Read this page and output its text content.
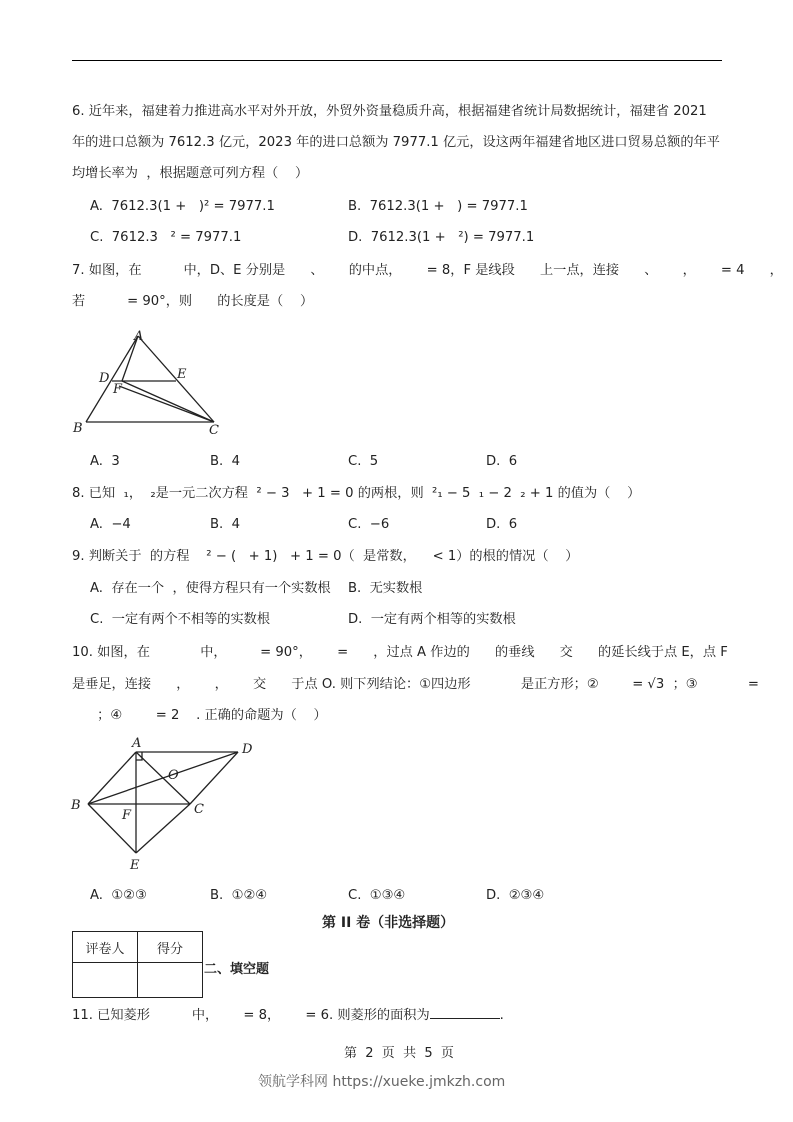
6. 近年来，福建着力推进高水平对外开放，外贸外资量稳质升高，根据福建省统计局数据统计，福建省 2021
年的进口总额为 7612.3 亿元，2023 年的进口总额为 7977.1 亿元，设这两年福建省地区进口贸易总额的年平
均增长率为  ，根据题意可列方程（    ）
A.  7612.3(1 +   )² = 7977.1	B.  7612.3(1 +   ) = 7977.1
C.  7612.3   ² = 7977.1	D.  7612.3(1 +   ²) = 7977.1
7. 如图，在          中，D、E 分别是      、      的中点，      = 8，F 是线段      上一点，连接      、      ，      = 4      ，
若          = 90°，则      的长度是（    ）
A
D	E
F
B	C
A.  3	B.  4	C.  5	D.  6
8. 已知  ₁，  ₂是一元二次方程  ² − 3   + 1 = 0 的两根，则  ²₁ − 5  ₁ − 2  ₂ + 1 的值为（    ）
A.  −4	B.  4	C.  −6	D.  6
9. 判断关于  的方程    ² − (   + 1)   + 1 = 0（  是常数，    < 1）的根的情况（    ）
A.  存在一个  ，使得方程只有一个实数根 B.  无实数根
C.  一定有两个不相等的实数根	D.  一定有两个相等的实数根
10. 如图，在            中，        = 90°，      =      ，过点 A 作边的      的垂线      交      的延长线于点 E，点 F
是垂足，连接      ，      ，      交      于点 O. 则下列结论：①四边形            是正方形；②        = √3  ；③            =
；④        = 2    . 正确的命题为（    ）
A	D
O
B	C
F
E
A.  ①②③	B.  ①②④	C.  ①③④	D.  ②③④
第 II 卷（非选择题）
评卷人	得分

二、填空题
11. 已知菱形          中，      = 8，      = 6. 则菱形的面积为	.
第  2  页  共  5  页
领航学科网 https://xueke.jmkzh.com
